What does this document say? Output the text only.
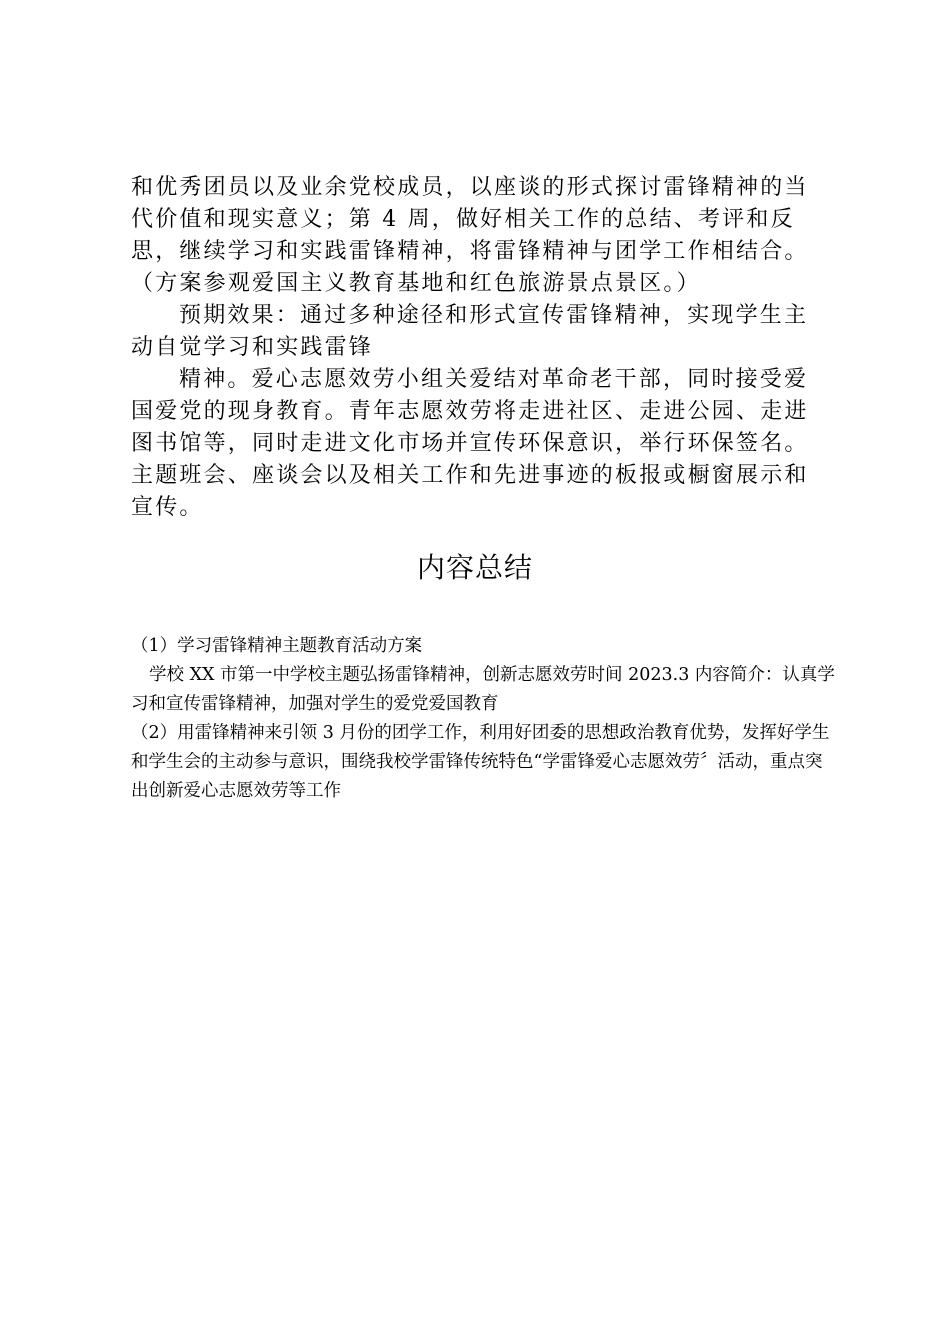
和优秀团员以及业余党校成员，以座谈的形式探讨雷锋精神的当代价值和现实意义；第 4 周，做好相关工作的总结、考评和反思，继续学习和实践雷锋精神，将雷锋精神与团学工作相结合。（方案参观爱国主义教育基地和红色旅游景点景区。）

预期效果：通过多种途径和形式宣传雷锋精神，实现学生主动自觉学习和实践雷锋

精神。爱心志愿效劳小组关爱结对革命老干部，同时接受爱国爱党的现身教育。青年志愿效劳将走进社区、走进公园、走进图书馆等，同时走进文化市场并宣传环保意识，举行环保签名。主题班会、座谈会以及相关工作和先进事迹的板报或橱窗展示和宣传。

内容总结

（1）学习雷锋精神主题教育活动方案

学校 XX 市第一中学校主题弘扬雷锋精神，创新志愿效劳时间 2023.3 内容简介：认真学习和宣传雷锋精神，加强对学生的爱党爱国教育

（2）用雷锋精神来引领 3 月份的团学工作，利用好团委的思想政治教育优势，发挥好学生和学生会的主动参与意识，围绕我校学雷锋传统特色“学雷锋爱心志愿效劳〞活动，重点突出创新爱心志愿效劳等工作
